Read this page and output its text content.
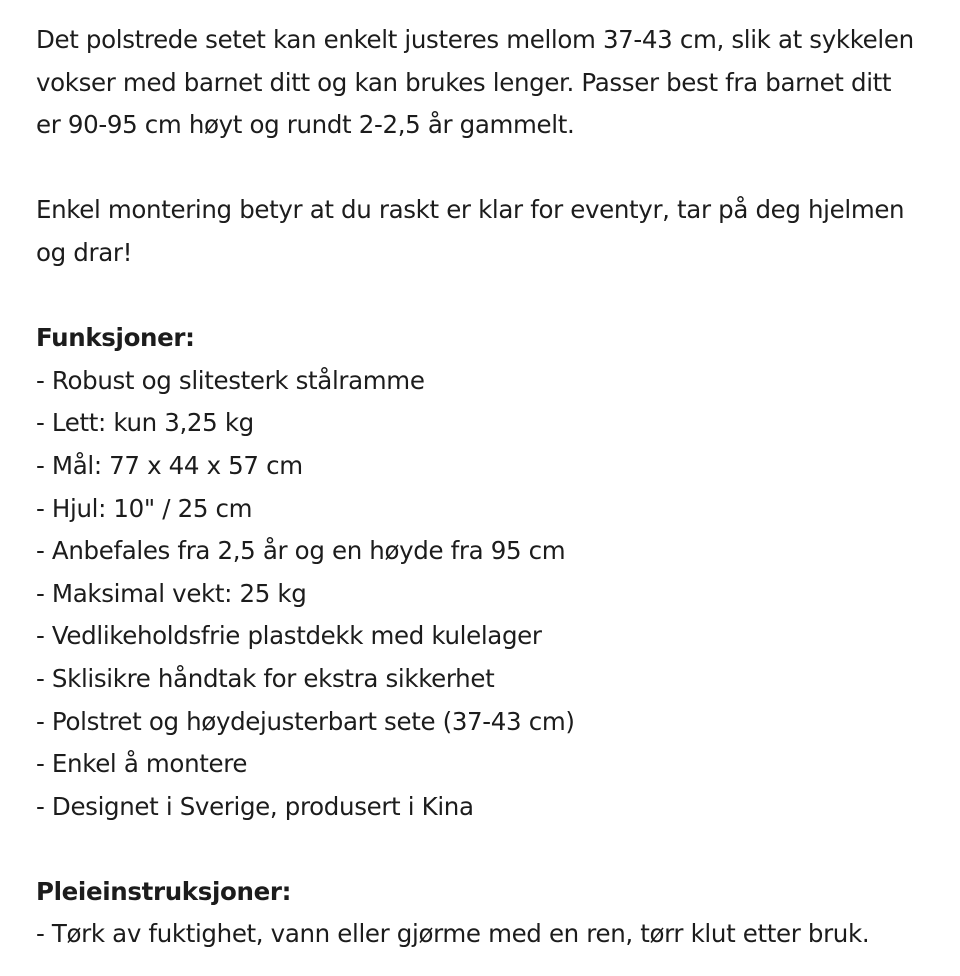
Det polstrede setet kan enkelt justeres mellom 37-43 cm, slik at sykkelen
vokser med barnet ditt og kan brukes lenger. Passer best fra barnet ditt
er 90-95 cm høyt og rundt 2-2,5 år gammelt.

Enkel montering betyr at du raskt er klar for eventyr, tar på deg hjelmen
og drar!

Funksjoner:
- Robust og slitesterk stålramme
- Lett: kun 3,25 kg
- Mål: 77 x 44 x 57 cm
- Hjul: 10" / 25 cm
- Anbefales fra 2,5 år og en høyde fra 95 cm
- Maksimal vekt: 25 kg
- Vedlikeholdsfrie plastdekk med kulelager
- Sklisikre håndtak for ekstra sikkerhet
- Polstret og høydejusterbart sete (37-43 cm)
- Enkel å montere
- Designet i Sverige, produsert i Kina
Pleieinstruksjoner:
- Tørk av fuktighet, vann eller gjørme med en ren, tørr klut etter bruk.
